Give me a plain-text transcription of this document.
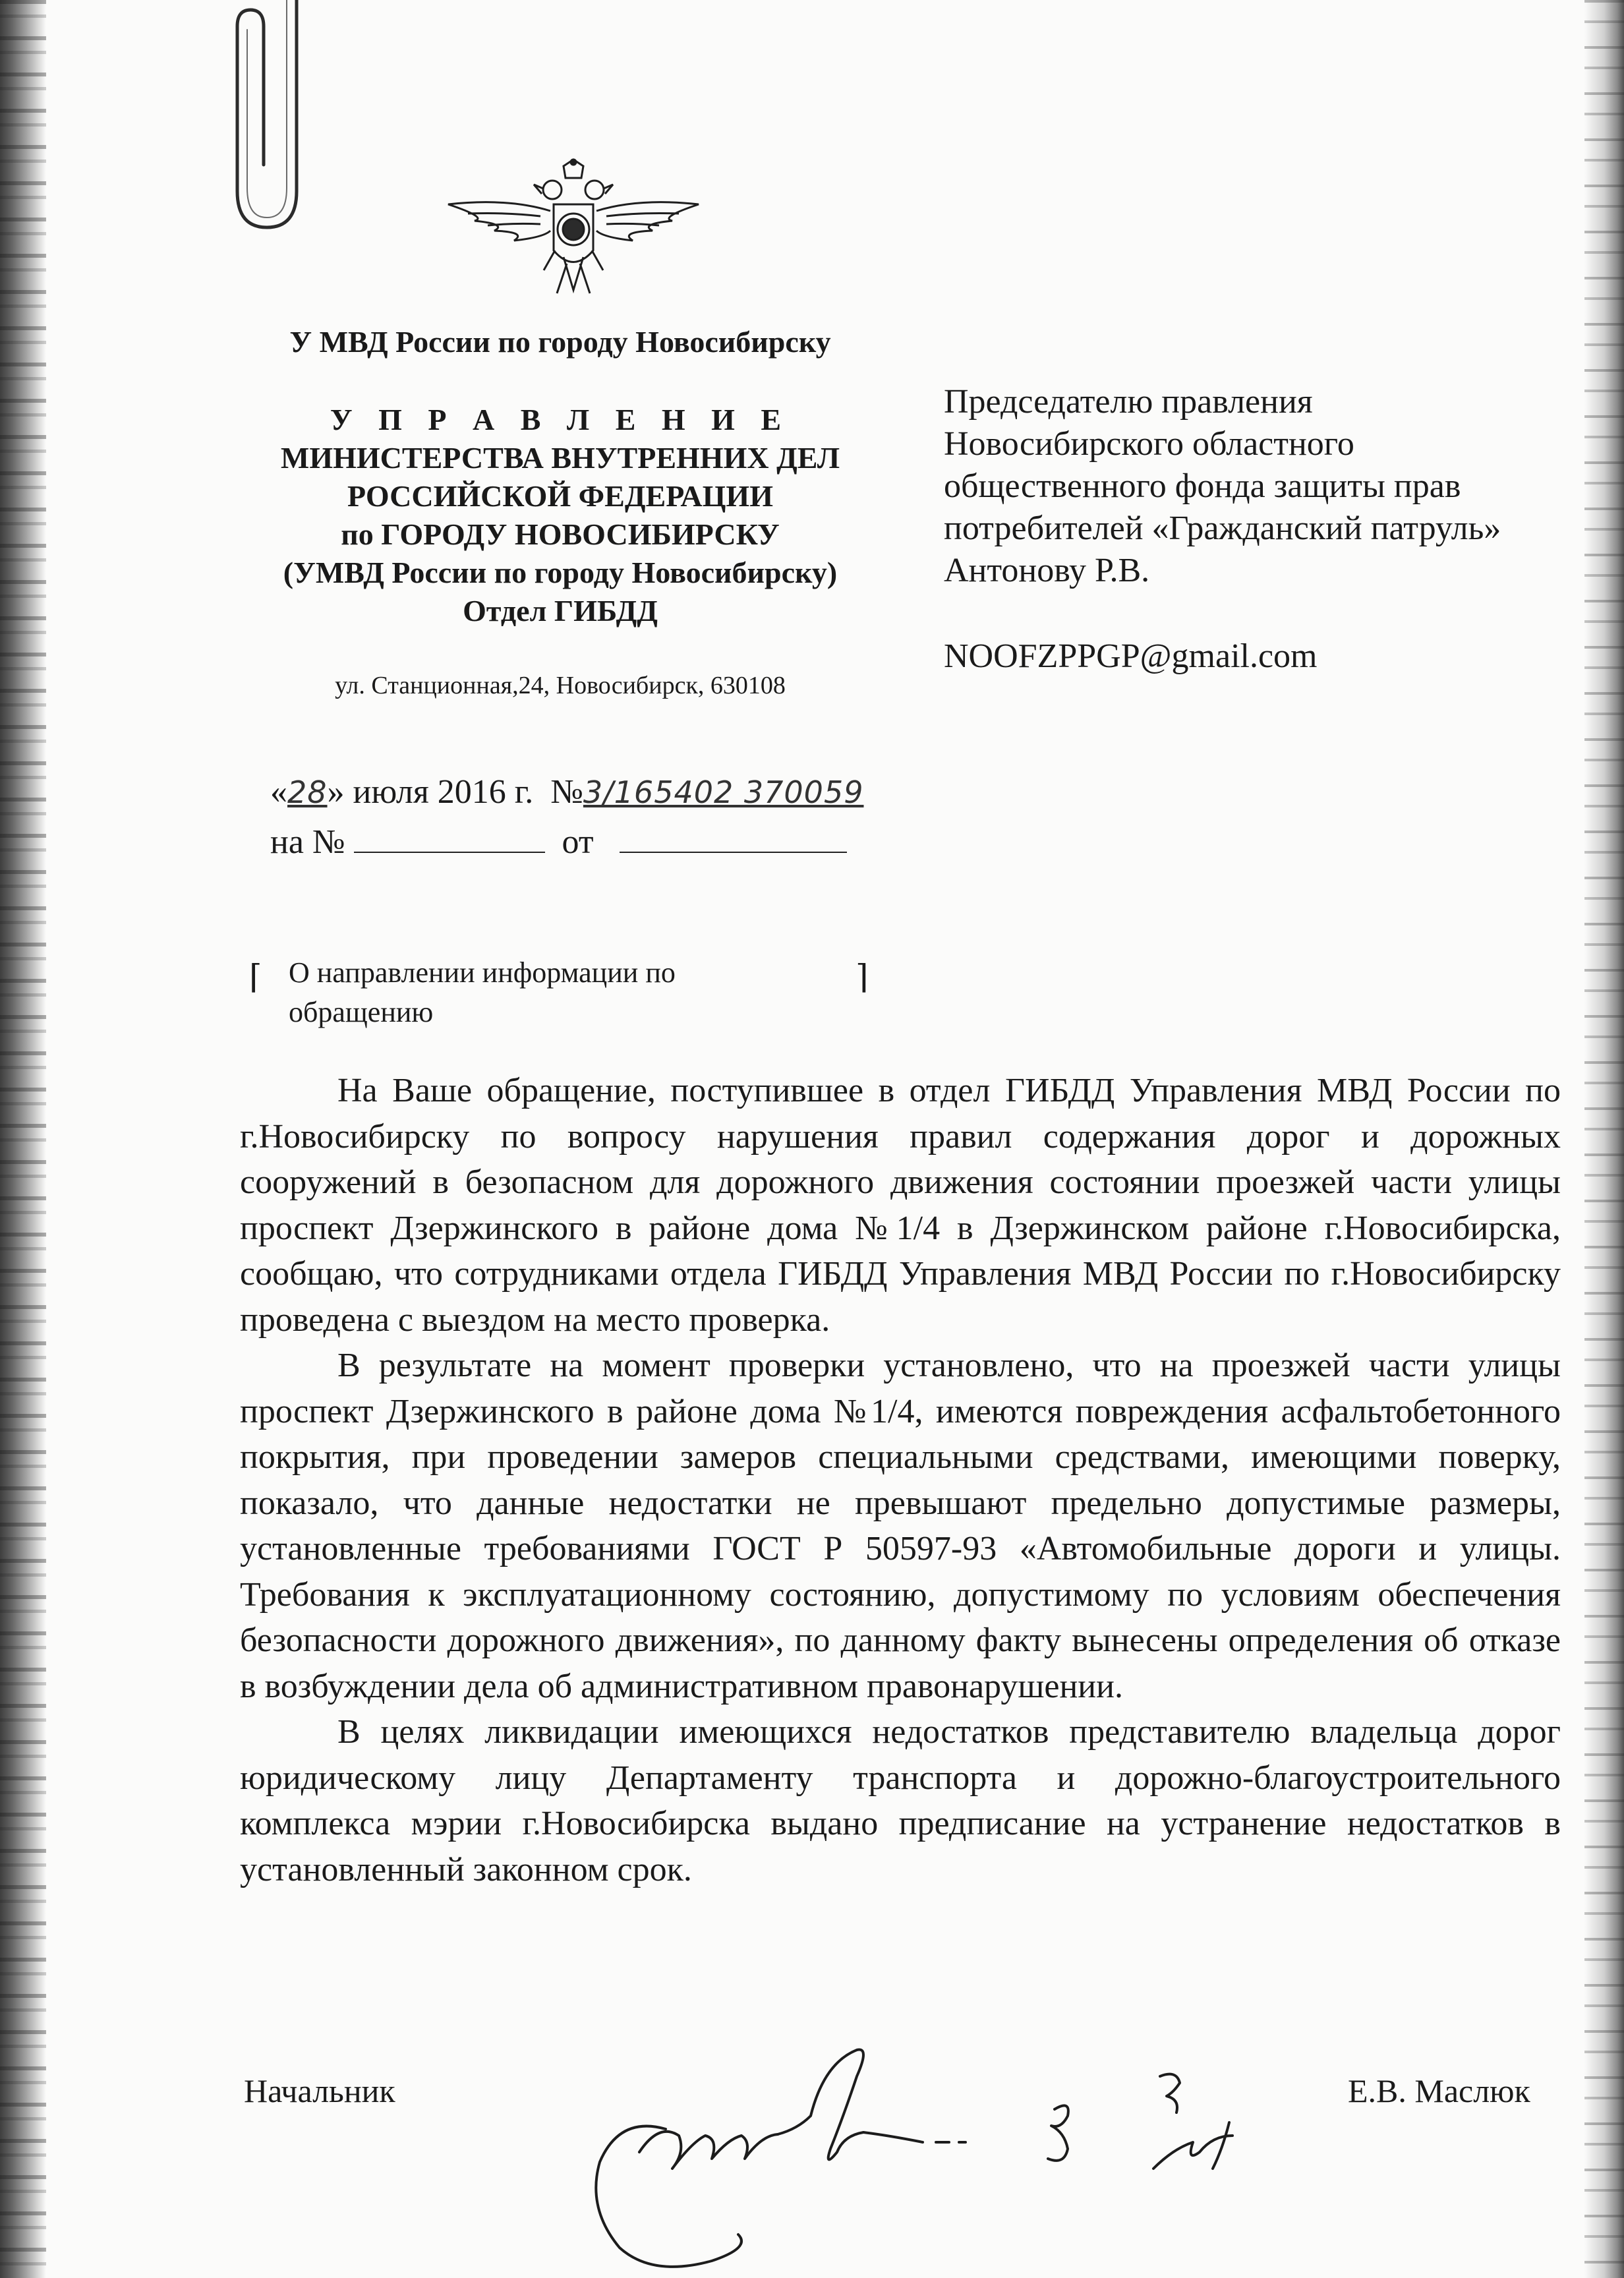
У МВД России по городу Новосибирску
У П Р А В Л Е Н И Е
МИНИСТЕРСТВА ВНУТРЕННИХ ДЕЛ
РОССИЙСКОЙ ФЕДЕРАЦИИ
по ГОРОДУ НОВОСИБИРСКУ
(УМВД России по городу Новосибирску)
Отдел ГИБДД
ул. Станционная,24, Новосибирск, 630108
Председателю правления
Новосибирского областного
общественного фонда защиты прав
потребителей «Гражданский патруль»
Антонову Р.В.
NOOFZPPGP@gmail.com
«28» июля 2016 г. №3/165402 370059
на №	от
⌈	⌉
О направлении информации по
обращению

На Ваше обращение, поступившее в отдел ГИБДД Управления МВД России по г.Новосибирску по вопросу нарушения правил содержания дорог и дорожных сооружений в безопасном для дорожного движения состоянии проезжей части улицы проспект Дзержинского в районе дома №1/4 в Дзержинском районе г.Новосибирска, сообщаю, что сотрудниками отдела ГИБДД Управления МВД России по г.Новосибирску проведена с выездом на место проверка.

В результате на момент проверки установлено, что на проезжей части улицы проспект Дзержинского в районе дома №1/4, имеются повреждения асфальтобетонного покрытия, при проведении замеров специальными средствами, имеющими поверку, показало, что данные недостатки не превышают предельно допустимые размеры, установленные требованиями ГОСТ Р 50597-93 «Автомобильные дороги и улицы. Требования к эксплуатационному состоянию, допустимому по условиям обеспечения безопасности дорожного движения», по данному факту вынесены определения об отказе в возбуждении дела об административном правонарушении.

В целях ликвидации имеющихся недостатков представителю владельца дорог юридическому лицу Департаменту транспорта и дорожно-благоустроительного комплекса мэрии г.Новосибирска выдано предписание на устранение недостатков в установленный законном срок.

Начальник	Е.В. Маслюк
